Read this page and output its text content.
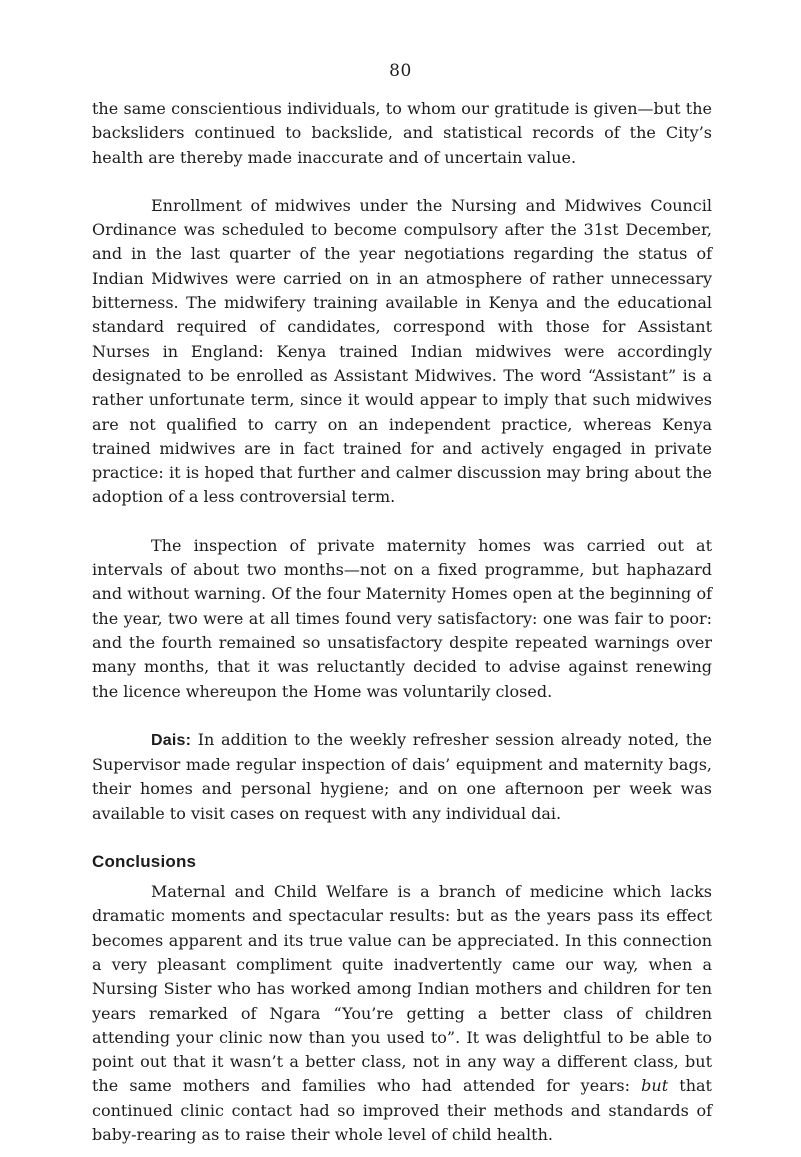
80

the same conscientious individuals, to whom our gratitude is given—but the backsliders continued to backslide, and statistical records of the City’s health are thereby made inaccurate and of uncertain value.

Enrollment of midwives under the Nursing and Midwives Council Ordinance was scheduled to become compulsory after the 31st December, and in the last quarter of the year negotiations regarding the status of Indian Midwives were carried on in an atmosphere of rather unnecessary bitterness. The midwifery training available in Kenya and the educational standard required of candidates, correspond with those for Assistant Nurses in England: Kenya trained Indian midwives were accordingly designated to be enrolled as Assistant Midwives. The word “Assistant” is a rather unfortunate term, since it would appear to imply that such midwives are not qualified to carry on an independent practice, whereas Kenya trained midwives are in fact trained for and actively engaged in private practice: it is hoped that further and calmer discussion may bring about the adoption of a less controversial term.

The inspection of private maternity homes was carried out at intervals of about two months—not on a fixed programme, but haphazard and without warning. Of the four Maternity Homes open at the beginning of the year, two were at all times found very satisfactory: one was fair to poor: and the fourth remained so unsatisfactory despite repeated warnings over many months, that it was reluctantly decided to advise against renewing the licence whereupon the Home was voluntarily closed.

Dais: In addition to the weekly refresher session already noted, the Supervisor made regular inspection of dais’ equipment and maternity bags, their homes and personal hygiene; and on one afternoon per week was available to visit cases on request with any individual dai.

Conclusions

Maternal and Child Welfare is a branch of medicine which lacks dramatic moments and spectacular results: but as the years pass its effect becomes apparent and its true value can be appreciated. In this connection a very pleasant compliment quite inadvertently came our way, when a Nursing Sister who has worked among Indian mothers and children for ten years remarked of Ngara “You’re getting a better class of children attending your clinic now than you used to”. It was delightful to be able to point out that it wasn’t a better class, not in any way a different class, but the same mothers and families who had attended for years: but that continued clinic contact had so improved their methods and standards of baby-rearing as to raise their whole level of child health.
